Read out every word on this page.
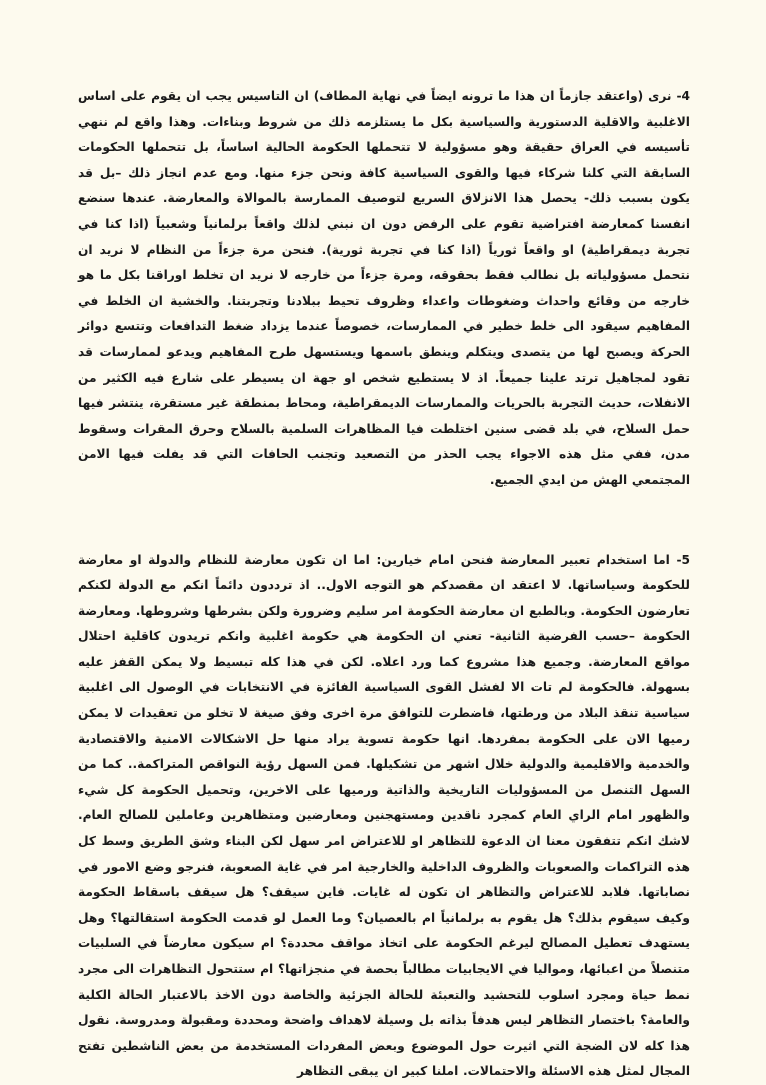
4- نرى (واعتقد جازماً ان هذا ما ترونه ايضاً في نهاية المطاف) ان التاسيس يجب ان يقوم على اساس الاغلبية والاقلية الدستورية والسياسية بكل ما يستلزمه ذلك من شروط وبناءات. وهذا واقع لم ننهي تأسيسه في العراق حقيقة وهو مسؤولية لا تتحملها الحكومة الحالية اساساً، بل تتحملها الحكومات السابقة التي كلنا شركاء فيها والقوى السياسية كافة ونحن جزء منها. ومع عدم انجاز ذلك –بل قد يكون بسبب ذلك- يحصل هذا الانزلاق السريع لتوصيف الممارسة بالموالاة والمعارضة. عندها سنضع انفسنا كمعارضة افتراضية تقوم على الرفض دون ان نبني لذلك واقعاً برلمانياً وشعبياً (اذا كنا في تجربة ديمقراطية) او واقعاً ثورياً (اذا كنا في تجربة ثورية). فنحن مرة جزءاً من النظام لا نريد ان نتحمل مسؤولياته بل نطالب فقط بحقوقه، ومرة جزءاً من خارجه لا نريد ان تخلط اوراقنا بكل ما هو خارجه من وقائع واحداث وضغوطات واعداء وظروف تحيط ببلادنا وتجربتنا. والخشية ان الخلط في المفاهيم سيقود الى خلط خطير في الممارسات، خصوصاً عندما يزداد ضغط التدافعات وتتسع دوائر الحركة ويصبح لها من يتصدى ويتكلم وينطق باسمها ويستسهل طرح المفاهيم ويدعو لممارسات قد تقود لمجاهيل ترتد علينا جميعاً. اذ لا يستطيع شخص او جهة ان يسيطر على شارع فيه الكثير من الانفلات، حديث التجربة بالحريات والممارسات الديمقراطية، ومحاط بمنطقة غير مستقرة، ينتشر فيها حمل السلاح، في بلد قضى سنين اختلطت فيا المظاهرات السلمية بالسلاح وحرق المقرات وسقوط مدن، ففي مثل هذه الاجواء يجب الحذر من التصعيد وتجنب الحافات التي قد يفلت فيها الامن المجتمعي الهش من ايدي الجميع.

5- اما استخدام تعبير المعارضة فنحن امام خيارين: اما ان تكون معارضة للنظام والدولة او معارضة للحكومة وسياساتها. لا اعتقد ان مقصدكم هو التوجه الاول.. اذ ترددون دائماً انكم مع الدولة لكنكم تعارضون الحكومة. وبالطبع ان معارضة الحكومة امر سليم وضرورة ولكن بشرطها وشروطها. ومعارضة الحكومة –حسب الفرضية الثانية- تعني ان الحكومة هي حكومة اغلبية وانكم تريدون كاقلية احتلال مواقع المعارضة. وجميع هذا مشروع كما ورد اعلاه. لكن في هذا كله تبسيط ولا يمكن القفز عليه بسهولة. فالحكومة لم تات الا لفشل القوى السياسية الفائزة في الانتخابات في الوصول الى اغلبية سياسية تنقذ البلاد من ورطتها، فاضطرت للتوافق مرة اخرى وفق صيغة لا تخلو من تعقيدات لا يمكن رميها الان على الحكومة بمفردها. انها حكومة تسوية يراد منها حل الاشكالات الامنية والاقتصادية والخدمية والاقليمية والدولية خلال اشهر من تشكيلها. فمن السهل رؤية النواقص المتراكمة.. كما من السهل التنصل من المسؤوليات التاريخية والذاتية ورميها على الاخرين، وتحميل الحكومة كل شيء والظهور امام الراي العام كمجرد ناقدين ومستهجنين ومعارضين ومتظاهرين وعاملين للصالح العام. لاشك انكم تتفقون معنا ان الدعوة للتظاهر او للاعتراض امر سهل لكن البناء وشق الطريق وسط كل هذه التراكمات والصعوبات والظروف الداخلية والخارجية امر في غاية الصعوبة، فنرجو وضع الامور في نصاباتها. فلابد للاعتراض والتظاهر ان تكون له غايات. فاين سيقف؟ هل سيقف باسقاط الحكومة وكيف سيقوم بذلك؟ هل يقوم به برلمانياً ام بالعصيان؟ وما العمل لو قدمت الحكومة استقالتها؟ وهل يستهدف تعطيل المصالح ليرغم الحكومة على اتخاذ مواقف محددة؟ ام سيكون معارضاً في السلبيات متنصلاً من اعبائها، ومواليا في الايجابيات مطالباً بحصة في منجزاتها؟ ام ستتحول التظاهرات الى مجرد نمط حياة ومجرد اسلوب للتحشيد والتعبئة للحالة الجزئية والخاصة دون الاخذ بالاعتبار الحالة الكلية والعامة؟ باختصار التظاهر ليس هدفاً بذاته بل وسيلة لاهداف واضحة ومحددة ومقبولة ومدروسة. نقول هذا كله لان الضجة التي اثيرت حول الموضوع وبعض المفردات المستخدمة من بعض الناشطين تفتح المجال لمثل هذه الاسئلة والاحتمالات. املنا كبير ان يبقى التظاهر
